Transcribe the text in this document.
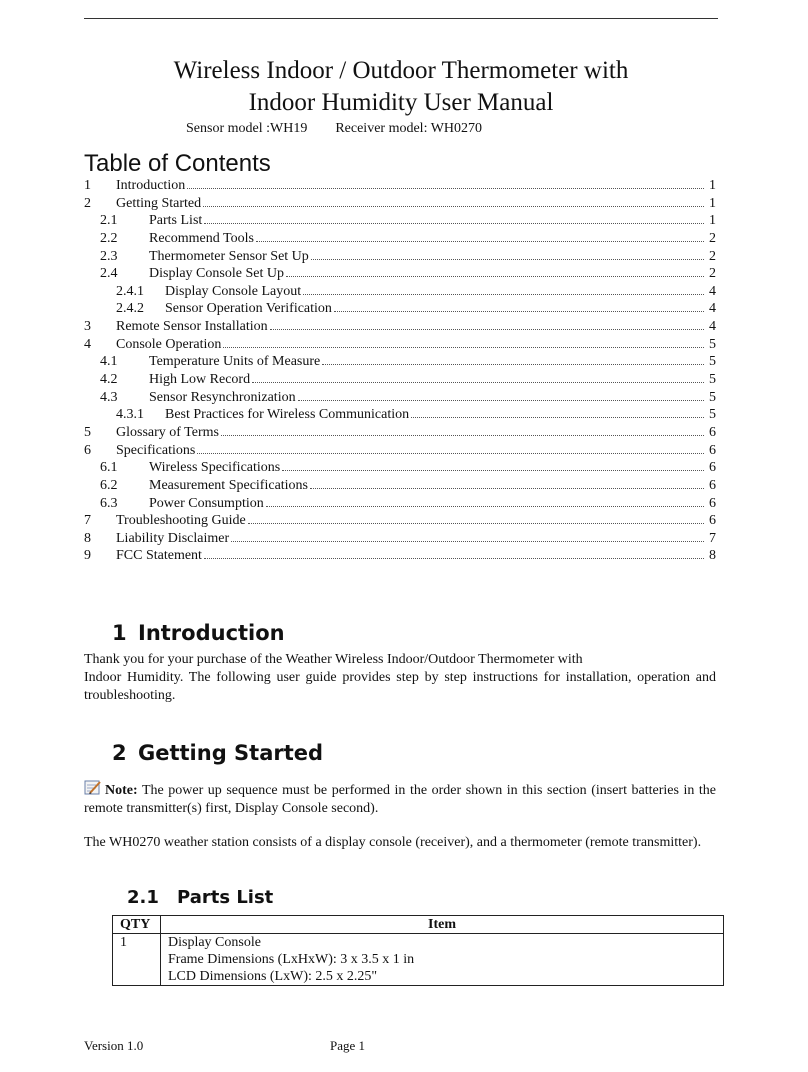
Wireless Indoor / Outdoor Thermometer with
Indoor Humidity User Manual
Sensor model :WH19 Receiver model: WH0270
Table of Contents
1	Introduction	1
2	Getting Started	1
2.1	Parts List	1
2.2	Recommend Tools	2
2.3	Thermometer Sensor Set Up	2
2.4	Display Console Set Up	2
2.4.1	Display Console Layout	4
2.4.2	Sensor Operation Verification	4
3	Remote Sensor Installation	4
4	Console Operation	5
4.1	Temperature Units of Measure	5
4.2	High Low Record	5
4.3	Sensor Resynchronization	5
4.3.1	Best Practices for Wireless Communication	5
5	Glossary of Terms	6
6	Specifications	6
6.1	Wireless Specifications	6
6.2	Measurement Specifications	6
6.3	Power Consumption	6
7	Troubleshooting Guide	6
8	Liability Disclaimer	7
9	FCC Statement	8
1 Introduction

Thank you for your purchase of the Weather Wireless Indoor/Outdoor Thermometer with

Indoor Humidity. The following user guide provides step by step instructions for installation, operation and troubleshooting.

2 Getting Started

Note: The power up sequence must be performed in the order shown in this section (insert batteries in the remote transmitter(s) first, Display Console second).

The WH0270 weather station consists of a display console (receiver), and a thermometer (remote transmitter).

2.1 Parts List
QTY	Item
1	Display Console
Frame Dimensions (LxHxW): 3 x 3.5 x 1 in
LCD Dimensions (LxW): 2.5 x 2.25"
Version 1.0	Page 1
